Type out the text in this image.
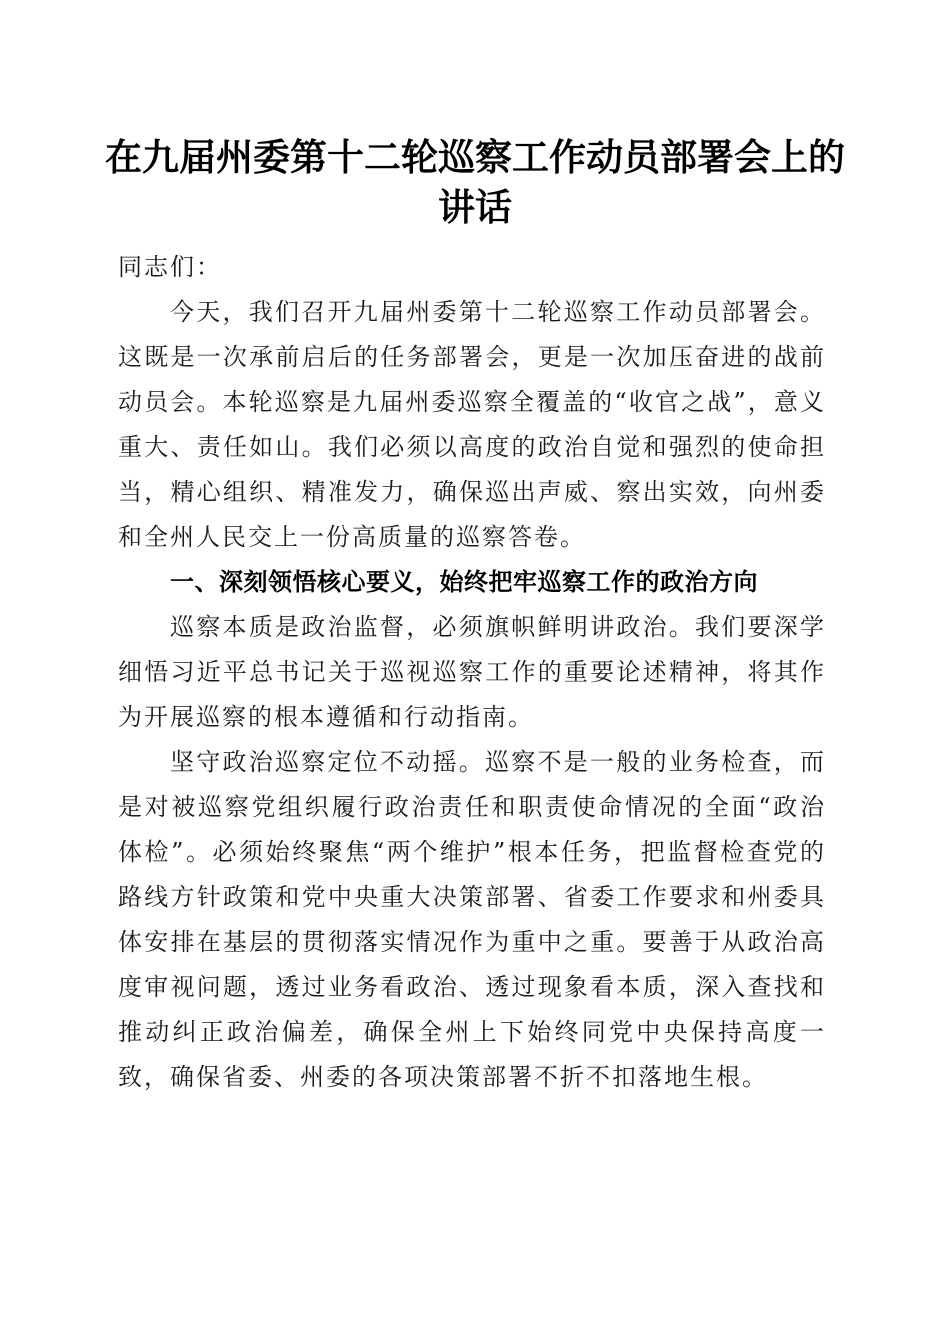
在九届州委第十二轮巡察工作动员部署会上的讲话

同志们：

今天，我们召开九届州委第十二轮巡察工作动员部署会。这既是一次承前启后的任务部署会，更是一次加压奋进的战前动员会。本轮巡察是九届州委巡察全覆盖的“收官之战”，意义重大、责任如山。我们必须以高度的政治自觉和强烈的使命担当，精心组织、精准发力，确保巡出声威、察出实效，向州委和全州人民交上一份高质量的巡察答卷。

一、深刻领悟核心要义，始终把牢巡察工作的政治方向

巡察本质是政治监督，必须旗帜鲜明讲政治。我们要深学细悟习近平总书记关于巡视巡察工作的重要论述精神，将其作为开展巡察的根本遵循和行动指南。

坚守政治巡察定位不动摇。巡察不是一般的业务检查，而是对被巡察党组织履行政治责任和职责使命情况的全面“政治体检”。必须始终聚焦“两个维护”根本任务，把监督检查党的路线方针政策和党中央重大决策部署、省委工作要求和州委具体安排在基层的贯彻落实情况作为重中之重。要善于从政治高度审视问题，透过业务看政治、透过现象看本质，深入查找和推动纠正政治偏差，确保全州上下始终同党中央保持高度一致，确保省委、州委的各项决策部署不折不扣落地生根。
